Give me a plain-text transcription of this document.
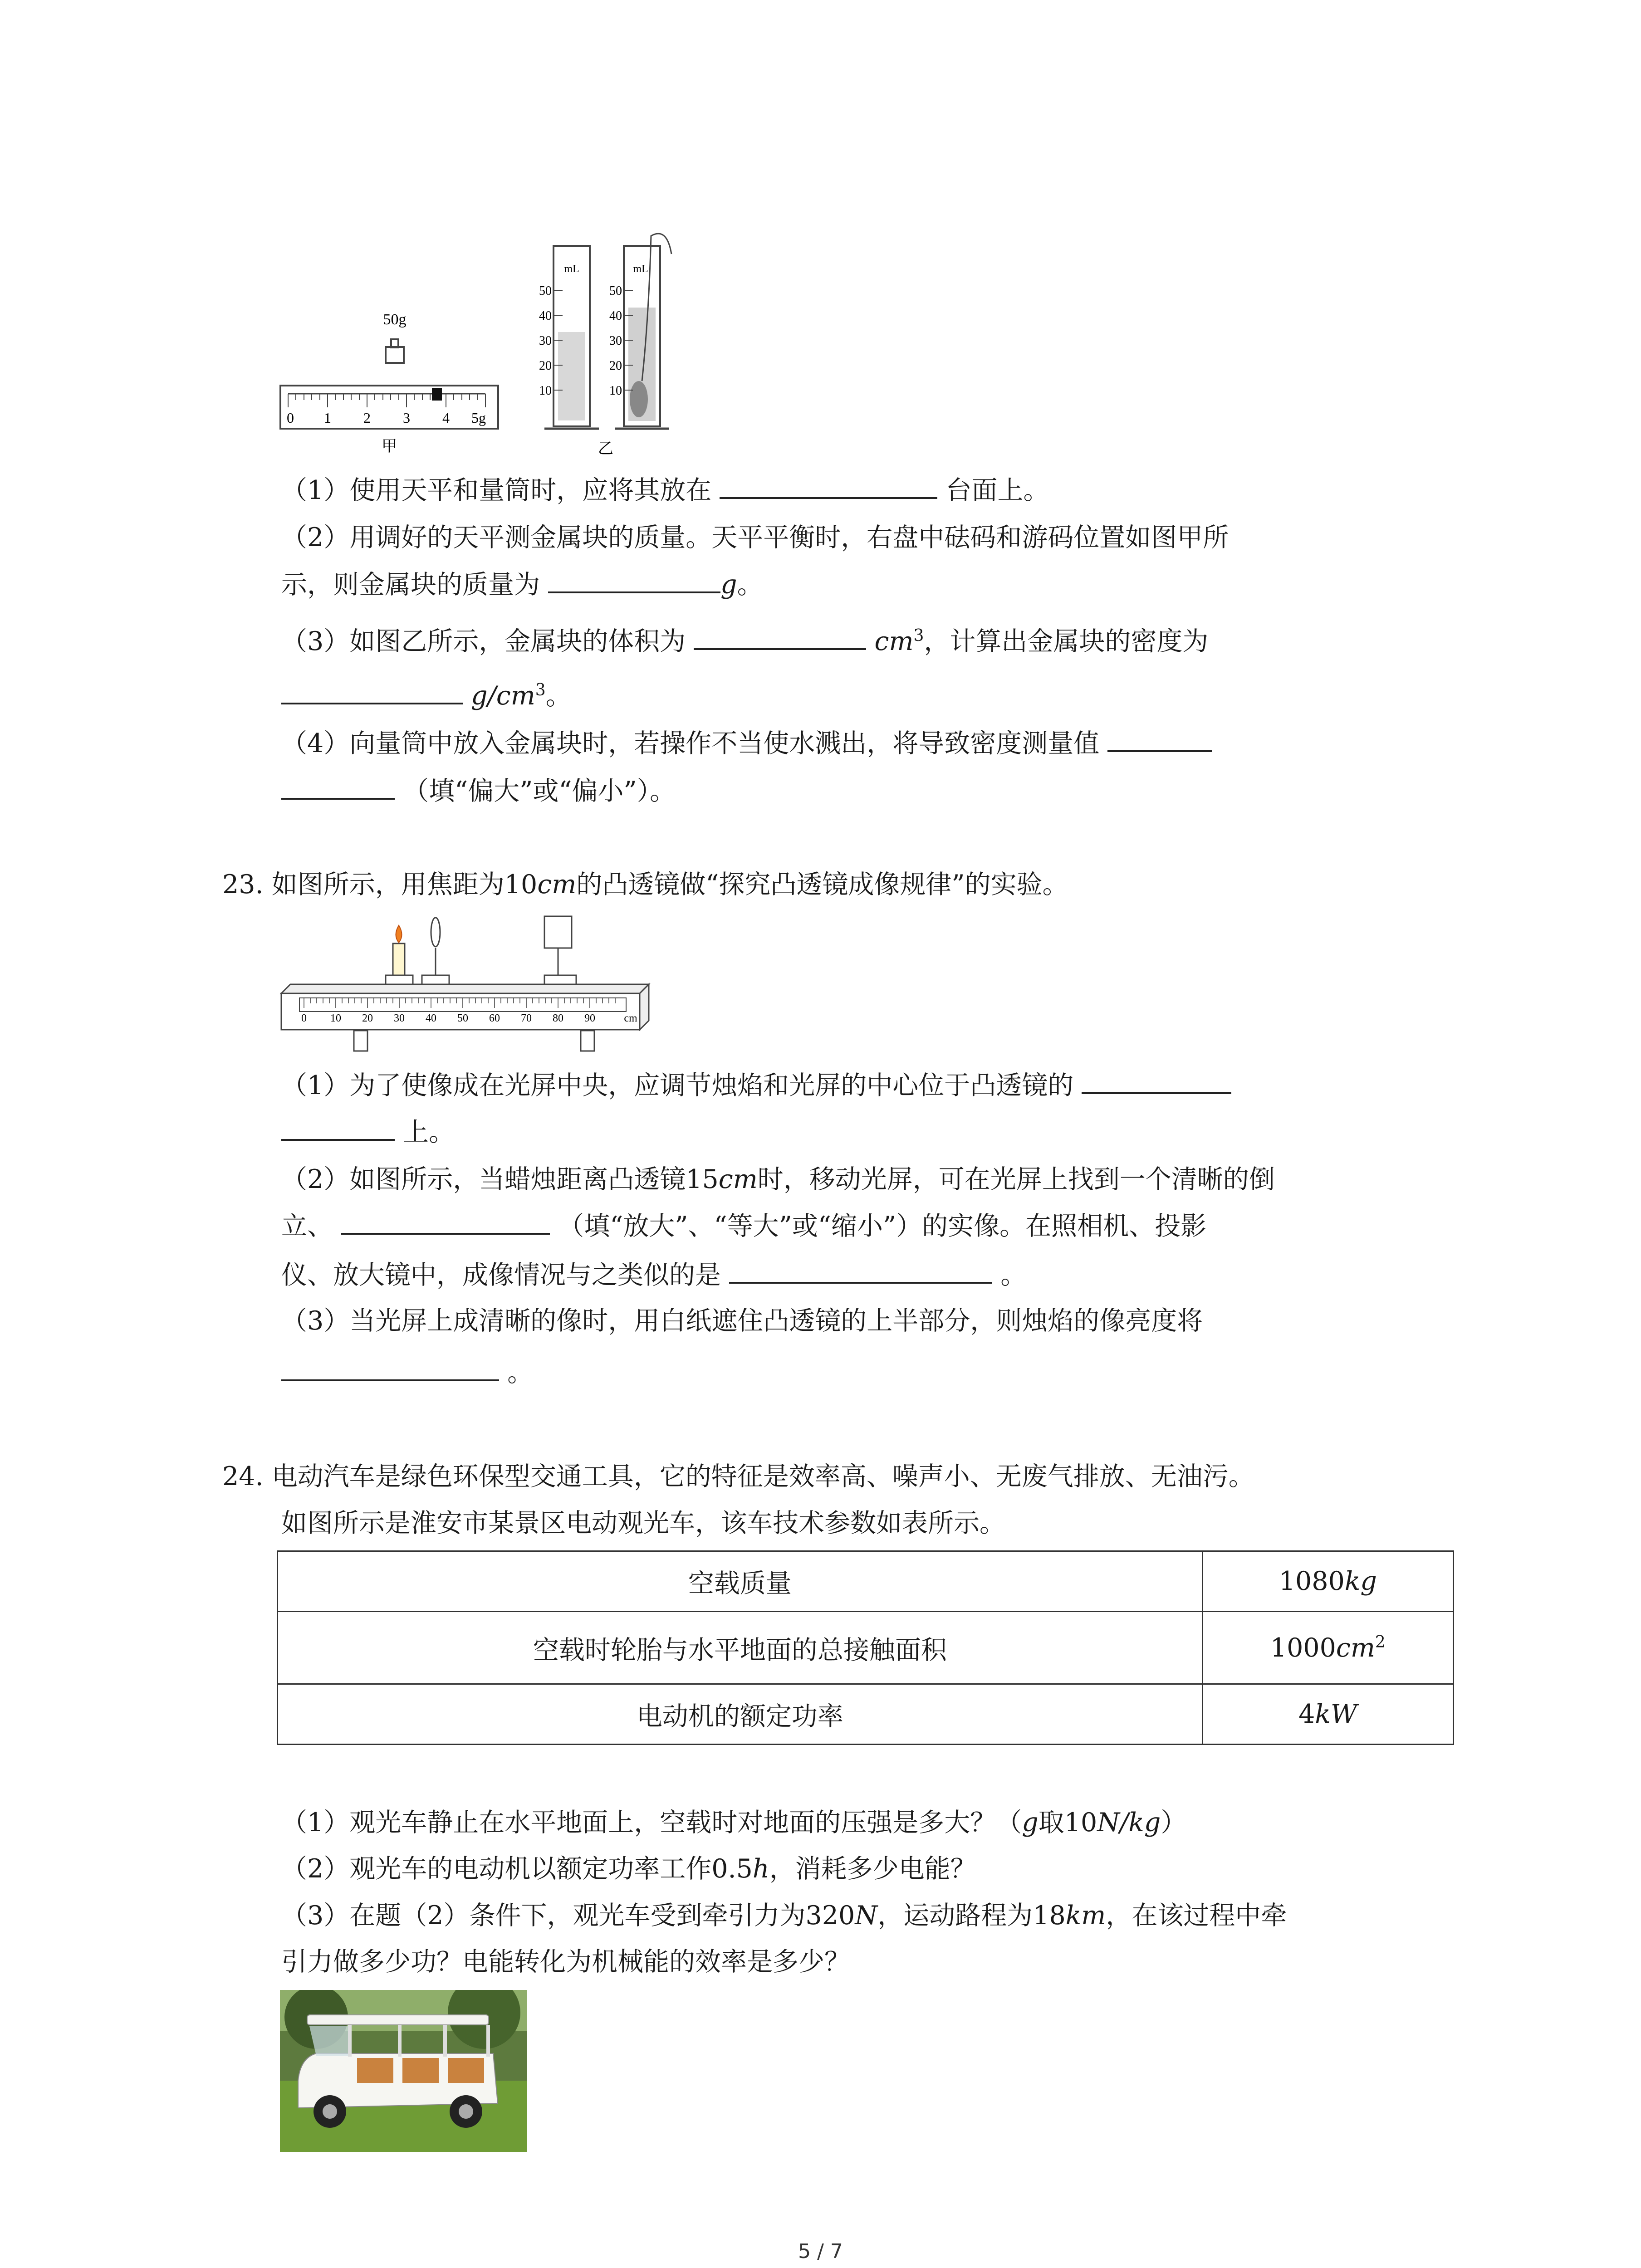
50g
0 1 2 3 4 5g
甲
50
40
30
20
10
mL
50
40
30
20
10
mL
乙
（1）使用天平和量筒时，应将其放在	台面上。
（2）用调好的天平测金属块的质量。天平平衡时，右盘中砝码和游码位置如图甲所
示，则金属块的质量为	g。
（3）如图乙所示，金属块的体积为	$cm^3$，计算出金属块的密度为
$g/cm^3$。
（4）向量筒中放入金属块时，若操作不当使水溅出，将导致密度测量值
（填“偏大”或“偏小”）。
23. 如图所示，用焦距为10cm的凸透镜做“探究凸透镜成像规律”的实验。
0 10 20 30 40 50 60 70 80 90	cm
（1）为了使像成在光屏中央，应调节烛焰和光屏的中心位于凸透镜的
上。
（2）如图所示，当蜡烛距离凸透镜15cm时，移动光屏，可在光屏上找到一个清晰的倒
立、	（填“放大”、“等大”或“缩小”）的实像。在照相机、投影
仪、放大镜中，成像情况与之类似的是	。
（3）当光屏上成清晰的像时，用白纸遮住凸透镜的上半部分，则烛焰的像亮度将
。
24. 电动汽车是绿色环保型交通工具，它的特征是效率高、噪声小、无废气排放、无油污。
如图所示是淮安市某景区电动观光车，该车技术参数如表所示。
空载质量	1080kg
空载时轮胎与水平地面的总接触面积	$1000cm^2$
电动机的额定功率	4kW
（1）观光车静止在水平地面上，空载时对地面的压强是多大？（g取10N/kg）
（2）观光车的电动机以额定功率工作0.5h，消耗多少电能？
（3）在题（2）条件下，观光车受到牵引力为320N，运动路程为18km，在该过程中牵
引力做多少功？电能转化为机械能的效率是多少？
5 / 7
